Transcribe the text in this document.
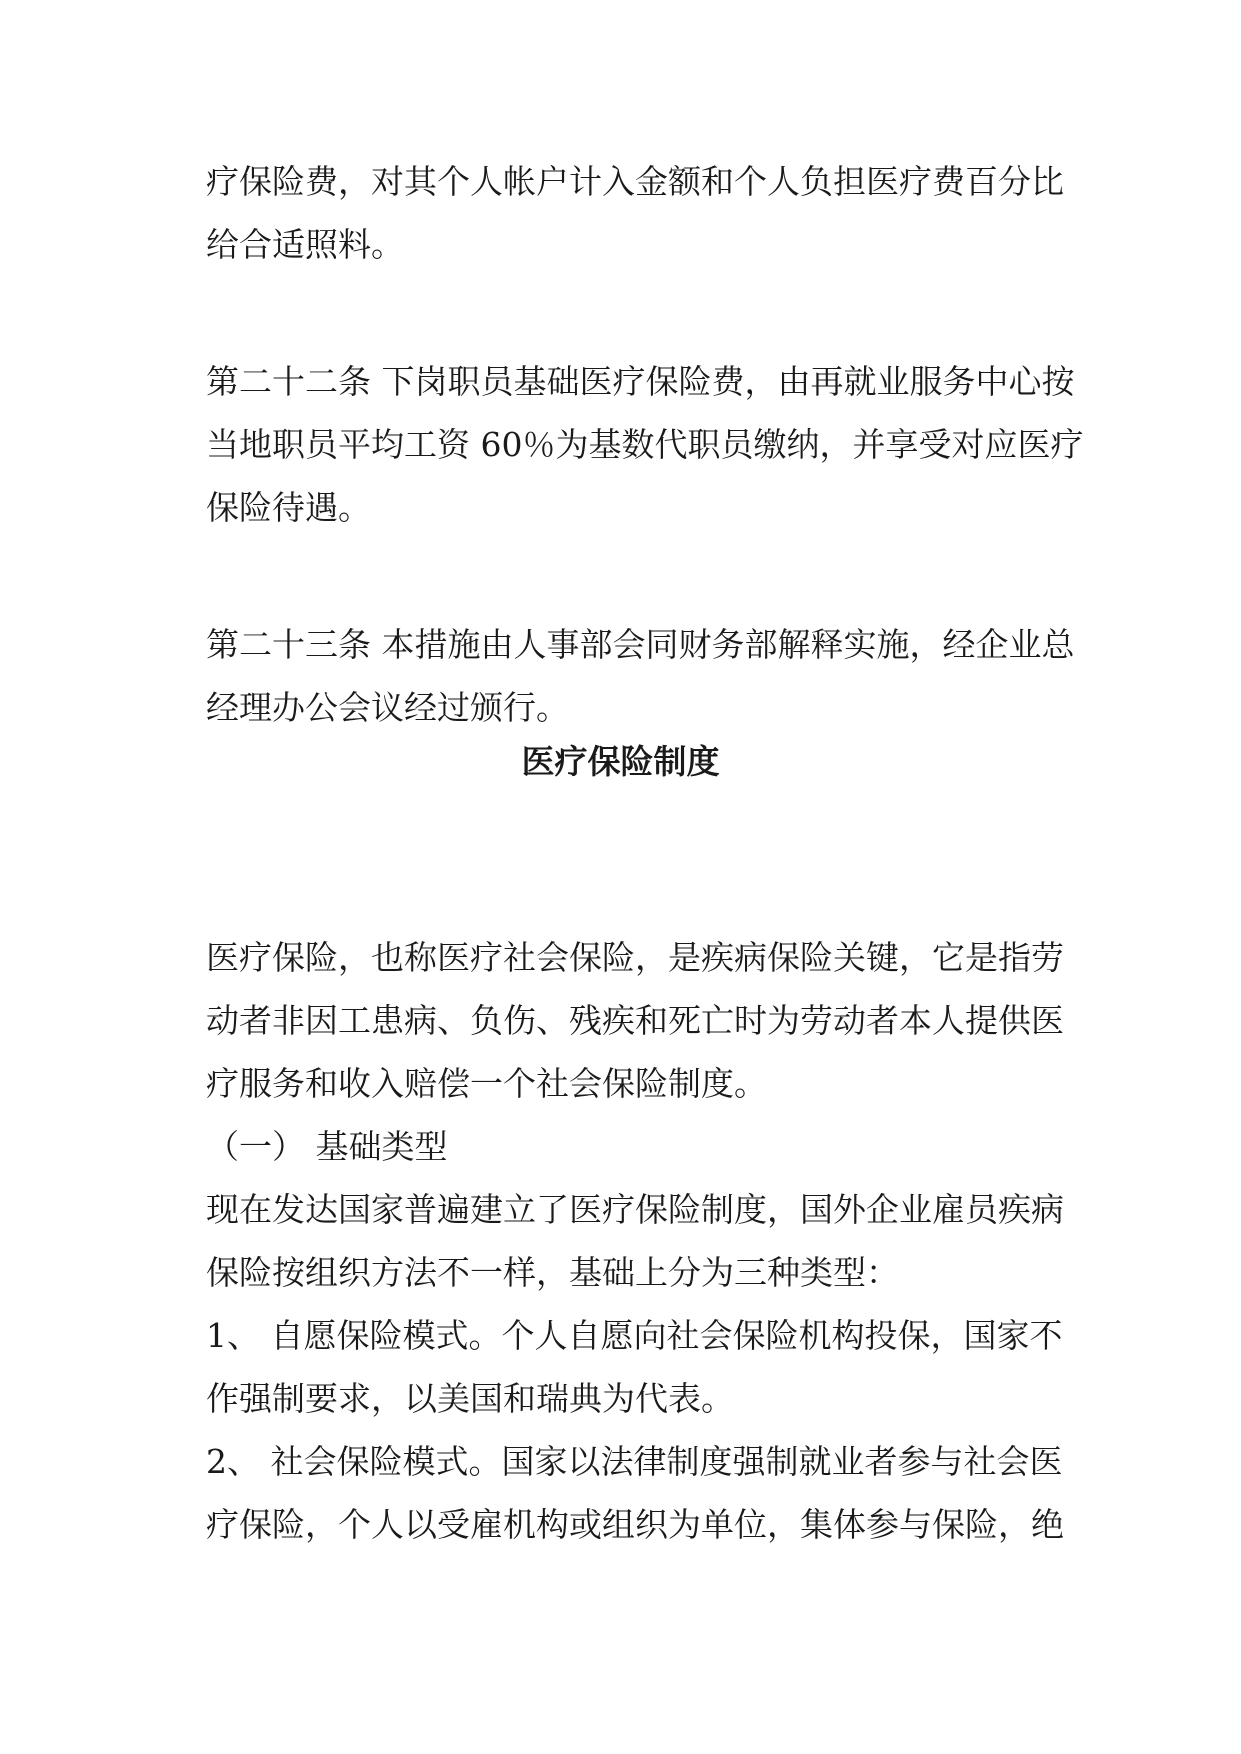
疗保险费，对其个人帐户计入金额和个人负担医疗费百分比
给合适照料。
第二十二条 下岗职员基础医疗保险费，由再就业服务中心按
当地职员平均工资 60％为基数代职员缴纳，并享受对应医疗
保险待遇。
第二十三条 本措施由人事部会同财务部解释实施，经企业总
经理办公会议经过颁行。
医疗保险制度
医疗保险，也称医疗社会保险，是疾病保险关键，它是指劳
动者非因工患病、负伤、残疾和死亡时为劳动者本人提供医
疗服务和收入赔偿一个社会保险制度。
（一） 基础类型
现在发达国家普遍建立了医疗保险制度，国外企业雇员疾病
保险按组织方法不一样，基础上分为三种类型：
1、 自愿保险模式。个人自愿向社会保险机构投保，国家不
作强制要求，以美国和瑞典为代表。
2、 社会保险模式。国家以法律制度强制就业者参与社会医
疗保险，个人以受雇机构或组织为单位，集体参与保险，绝
